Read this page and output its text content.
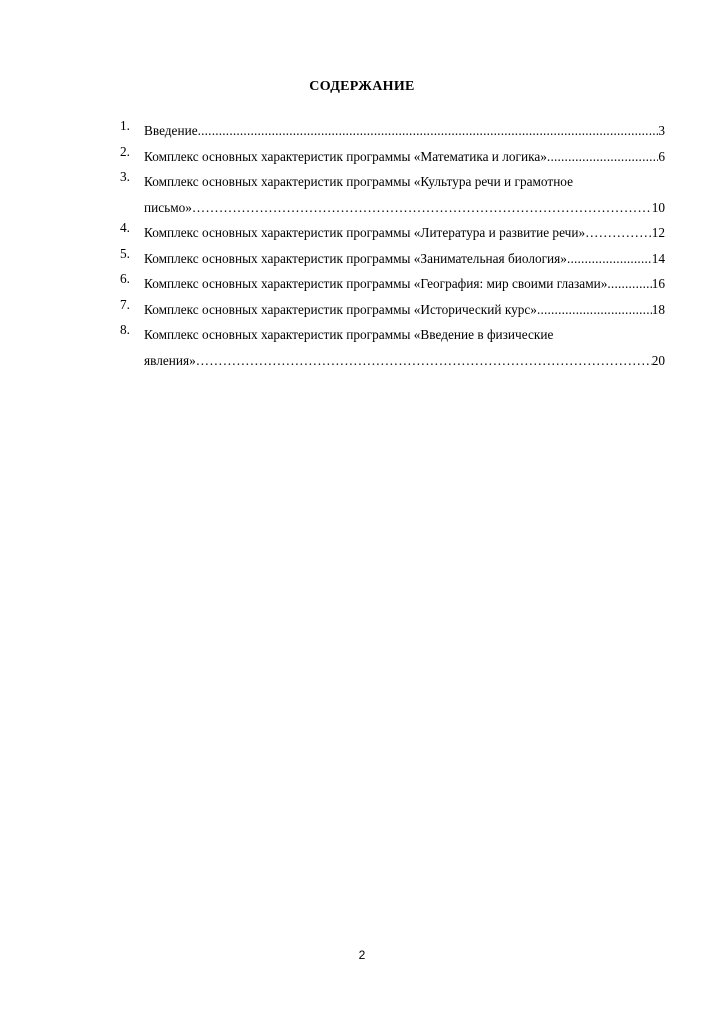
СОДЕРЖАНИЕ
1.	Введение .....	3
2.	Комплекс основных характеристик программы «Математика и логика» .....	6
3.	Комплекс основных характеристик программы «Культура речи и грамотное
письмо» …………………………………………………………………………………………………………………………………………………………………………………	10
4.	Комплекс основных характеристик программы «Литература и развитие речи» …………………………………………………………………………………………………………………………………………………………………………………	12
5.	Комплекс основных характеристик программы «Занимательная биология» .....	14
6.	Комплекс основных характеристик программы «География: мир своими глазами» .....	16
7.	Комплекс основных характеристик программы «Исторический курс» .....	18
8.	Комплекс основных характеристик программы «Введение в физические
явления» …………………………………………………………………………………………………………………………………………………………………………………	20
2
